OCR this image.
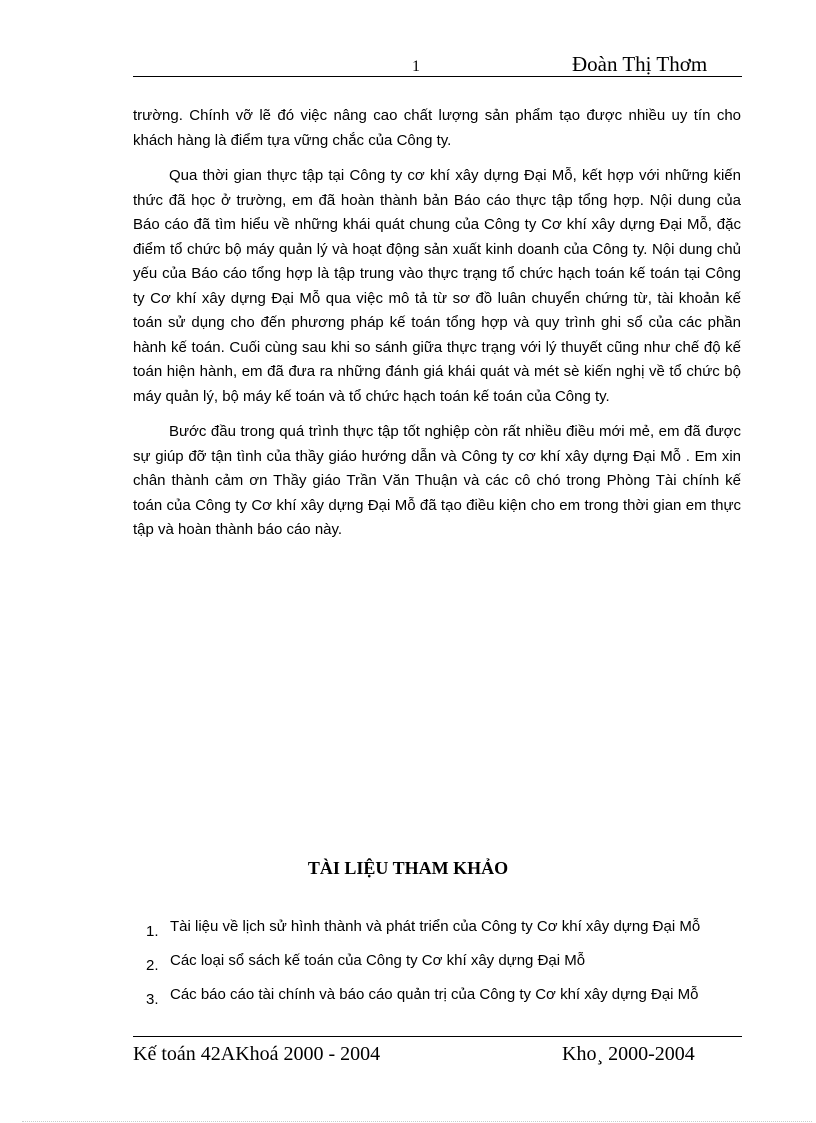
1	Đoàn Thị Thơm

trường. Chính vỡ lẽ đó việc nâng cao chất lượng sản phẩm tạo được nhiều uy tín cho khách hàng là điểm tựa vững chắc của Công ty.

Qua thời gian thực tập tại Công ty cơ khí xây dựng Đại Mỗ, kết hợp với những kiến thức đã học ở trường, em đã hoàn thành bản Báo cáo thực tập tổng hợp. Nội dung của Báo cáo đã tìm hiểu về những khái quát chung của Công ty Cơ khí xây dựng Đại Mỗ, đặc điểm tổ chức bộ máy quản lý và hoạt động sản xuất kinh doanh của Công ty. Nội dung chủ yếu của Báo cáo tổng hợp là tập trung vào thực trạng tổ chức hạch toán kế toán tại Công ty Cơ khí xây dựng Đại Mỗ qua việc mô tả từ sơ đồ luân chuyển chứng từ, tài khoản kế toán sử dụng cho đến phương pháp kế toán tổng hợp và quy trình ghi sổ của các phần hành kế toán. Cuối cùng sau khi so sánh giữa thực trạng với lý thuyết cũng như chế độ kế toán hiện hành, em đã đưa ra những đánh giá khái quát và mét sè kiến nghị về tổ chức bộ máy quản lý, bộ máy kế toán và tổ chức hạch toán kế toán của Công ty.

Bước đầu trong quá trình thực tập tốt nghiệp còn rất nhiều điều mới mẻ, em đã được sự giúp đỡ tận tình của thầy giáo hướng dẫn và Công ty cơ khí xây dựng Đại Mỗ . Em xin chân thành cảm ơn Thầy giáo Trần Văn Thuận và các cô chó trong Phòng Tài chính kế toán của Công ty Cơ khí xây dựng Đại Mỗ đã tạo điều kiện cho em trong thời gian em thực tập và hoàn thành báo cáo này.

TÀI LIỆU THAM KHẢO
1. Tài liệu về lịch sử hình thành và phát triển của Công ty Cơ khí xây dựng Đại Mỗ
2. Các loại sổ sách kế toán của Công ty Cơ khí xây dựng Đại Mỗ
3. Các báo cáo tài chính và báo cáo quản trị của Công ty Cơ khí xây dựng Đại Mỗ
Kế toán 42AKhoá 2000 - 2004	Kho¸ 2000-2004
